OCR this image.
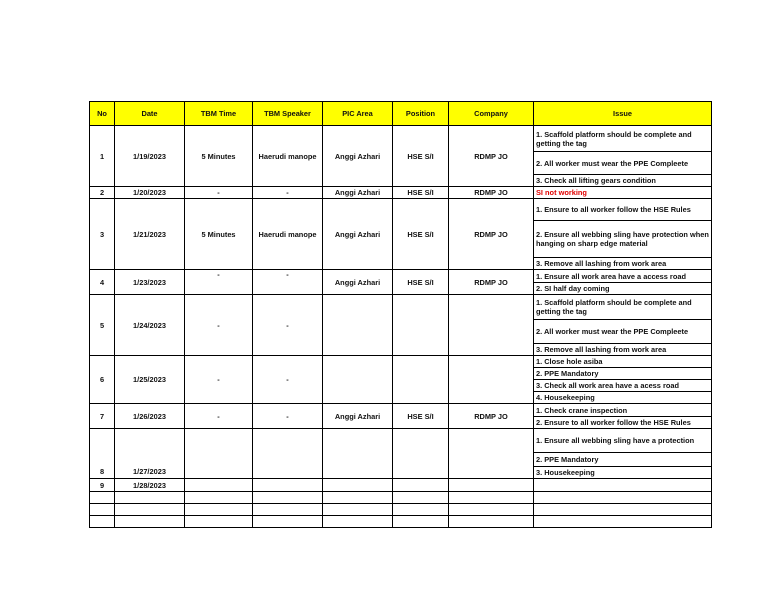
No	Date	TBM Time	TBM Speaker	PIC Area	Position	Company	Issue
1	1/19/2023	5 Minutes	Haerudi manope	Anggi Azhari	HSE S/I	RDMP JO	1. Scaffold platform should be complete and getting the tag
							2. All worker must wear the PPE Compleete
							3. Check all lifting gears condition
2	1/20/2023	-	-	Anggi Azhari	HSE S/I	RDMP JO	SI not working
3	1/21/2023	5 Minutes	Haerudi manope	Anggi Azhari	HSE S/I	RDMP JO	1. Ensure to all worker follow the HSE Rules
							2. Ensure all webbing sling have protection when hanging on sharp edge material
							3. Remove all lashing from work area
4	1/23/2023	-	-	Anggi Azhari	HSE S/I	RDMP JO	1. Ensure all work area have a access road
							2. SI half day coming
5	1/24/2023	-	-				1. Scaffold platform should be complete and getting the tag
							2. All worker must wear the PPE Compleete
							3. Remove all lashing from work area
6	1/25/2023	-	-				1. Close hole asiba
							2. PPE Mandatory
							3. Check all work area have a acess road
							4. Housekeeping
7	1/26/2023	-	-	Anggi Azhari	HSE S/I	RDMP JO	1. Check crane inspection
							2. Ensure to all worker follow the HSE Rules
8	1/27/2023						1. Ensure all webbing sling have a protection
							2. PPE Mandatory
							3. Housekeeping
9	1/28/2023						
